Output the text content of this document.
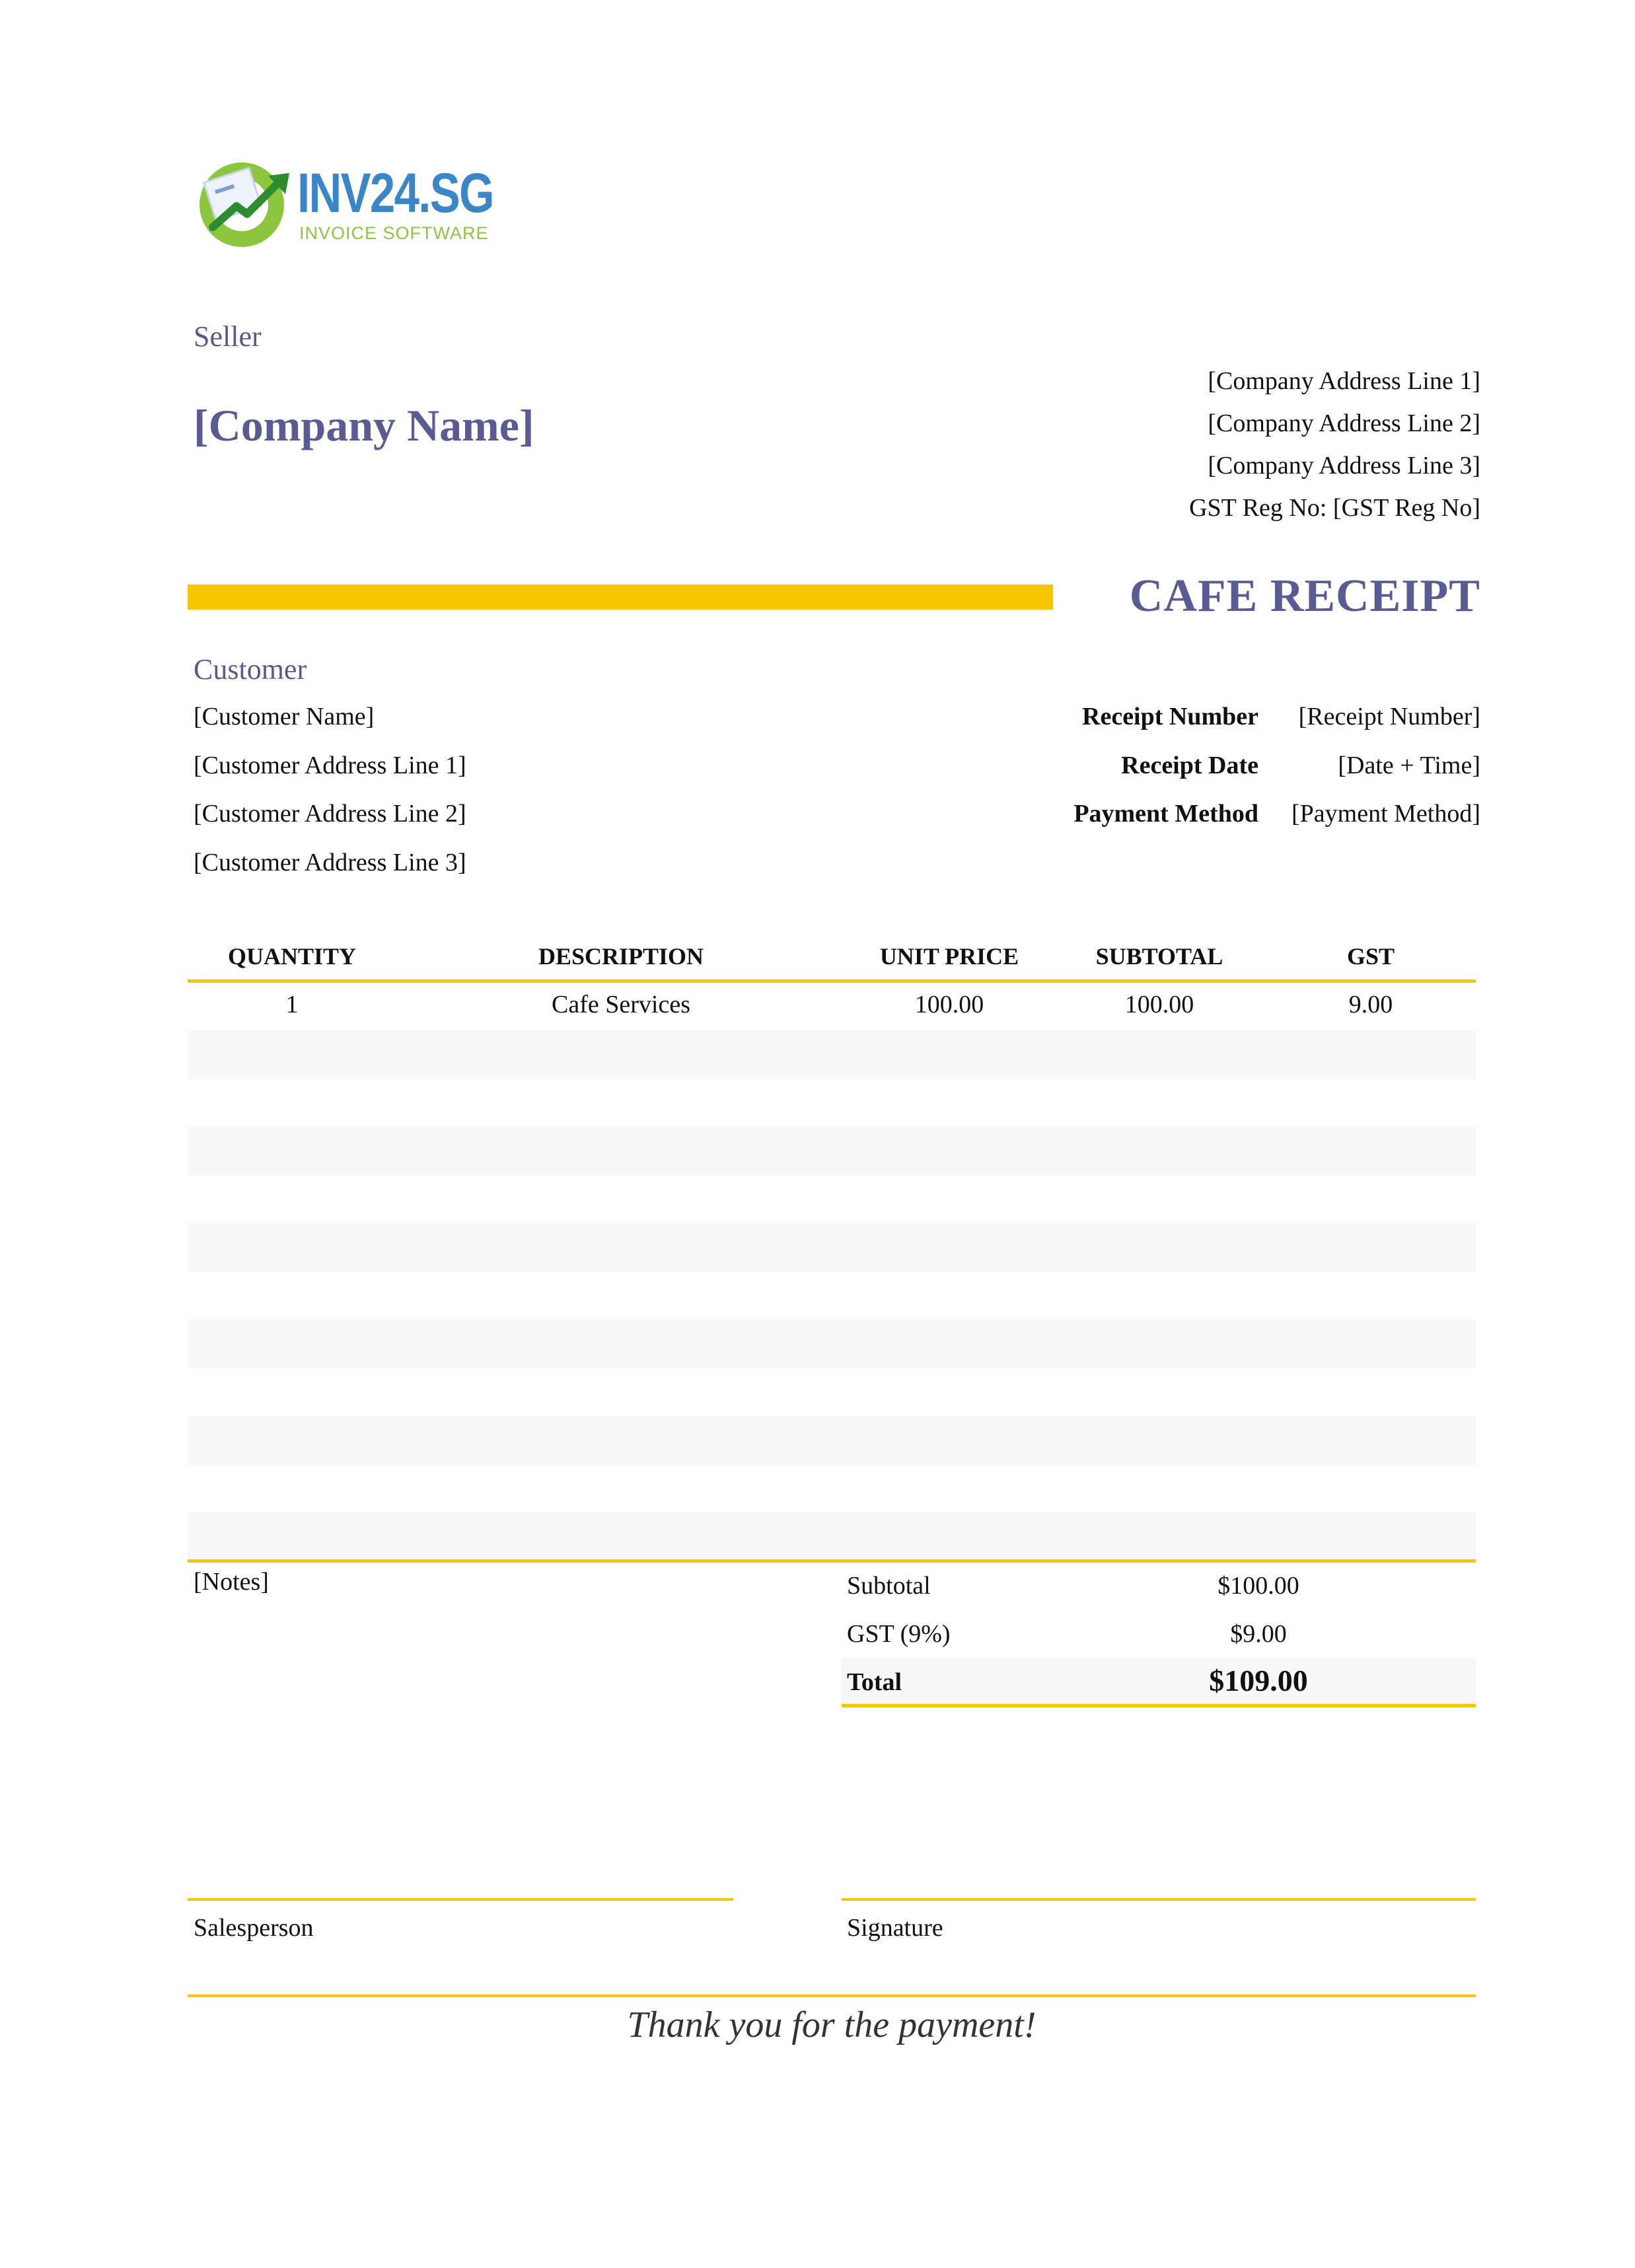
INV24.SG
INVOICE SOFTWARE
Seller
[Company Name]
[Company Address Line 1]
[Company Address Line 2]
[Company Address Line 3]
GST Reg No: [GST Reg No]
CAFE RECEIPT
Customer
[Customer Name]
[Customer Address Line 1]
[Customer Address Line 2]
[Customer Address Line 3]
Receipt Number [Receipt Number]
Receipt Date	[Date + Time]
Payment Method [Payment Method]
QUANTITY	DESCRIPTION	UNIT PRICE	SUBTOTAL	GST
1	Cafe Services	100.00	100.00	9.00
[Notes]	Subtotal	$100.00
GST (9%)	$9.00
Total	$109.00
Salesperson	Signature
Thank you for the payment!
